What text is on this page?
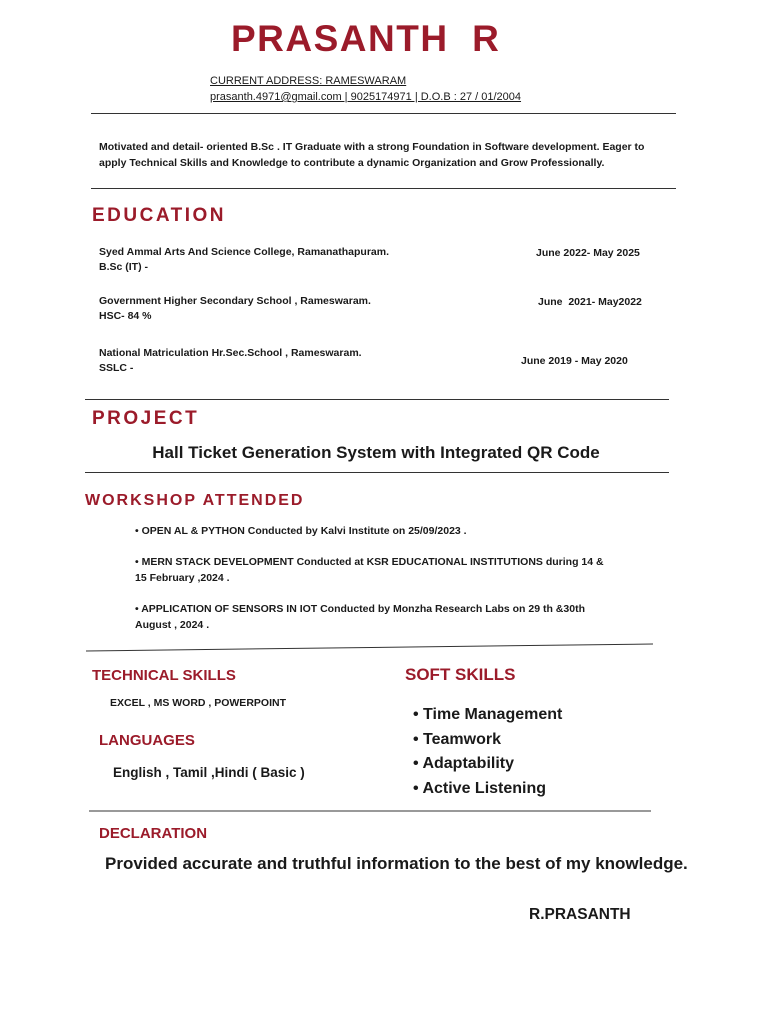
PRASANTH  R
CURRENT ADDRESS: RAMESWARAM
prasanth.4971@gmail.com | 9025174971 | D.O.B : 27 / 01/2004
Motivated and detail- oriented B.Sc . IT Graduate with a strong Foundation in Software development. Eager to apply Technical Skills and Knowledge to contribute a dynamic Organization and Grow Professionally.
EDUCATION
Syed Ammal Arts And Science College, Ramanathapuram.
B.Sc (IT) -
June 2022- May 2025
Government Higher Secondary School , Rameswaram.
HSC- 84 %
June  2021- May2022
National Matriculation Hr.Sec.School , Rameswaram.
SSLC -
June 2019 - May 2020
PROJECT
Hall Ticket Generation System with Integrated QR Code
WORKSHOP ATTENDED
• OPEN AL & PYTHON Conducted by Kalvi Institute on 25/09/2023 .
• MERN STACK DEVELOPMENT Conducted at KSR EDUCATIONAL INSTITUTIONS during 14 & 15 February ,2024 .
• APPLICATION OF SENSORS IN IOT Conducted by Monzha Research Labs on 29 th &30th August , 2024 .
TECHNICAL SKILLS
EXCEL , MS WORD , POWERPOINT
LANGUAGES
English , Tamil ,Hindi ( Basic )
SOFT SKILLS
• Time Management
• Teamwork
• Adaptability
• Active Listening
DECLARATION
Provided accurate and truthful information to the best of my knowledge.
R.PRASANTH
